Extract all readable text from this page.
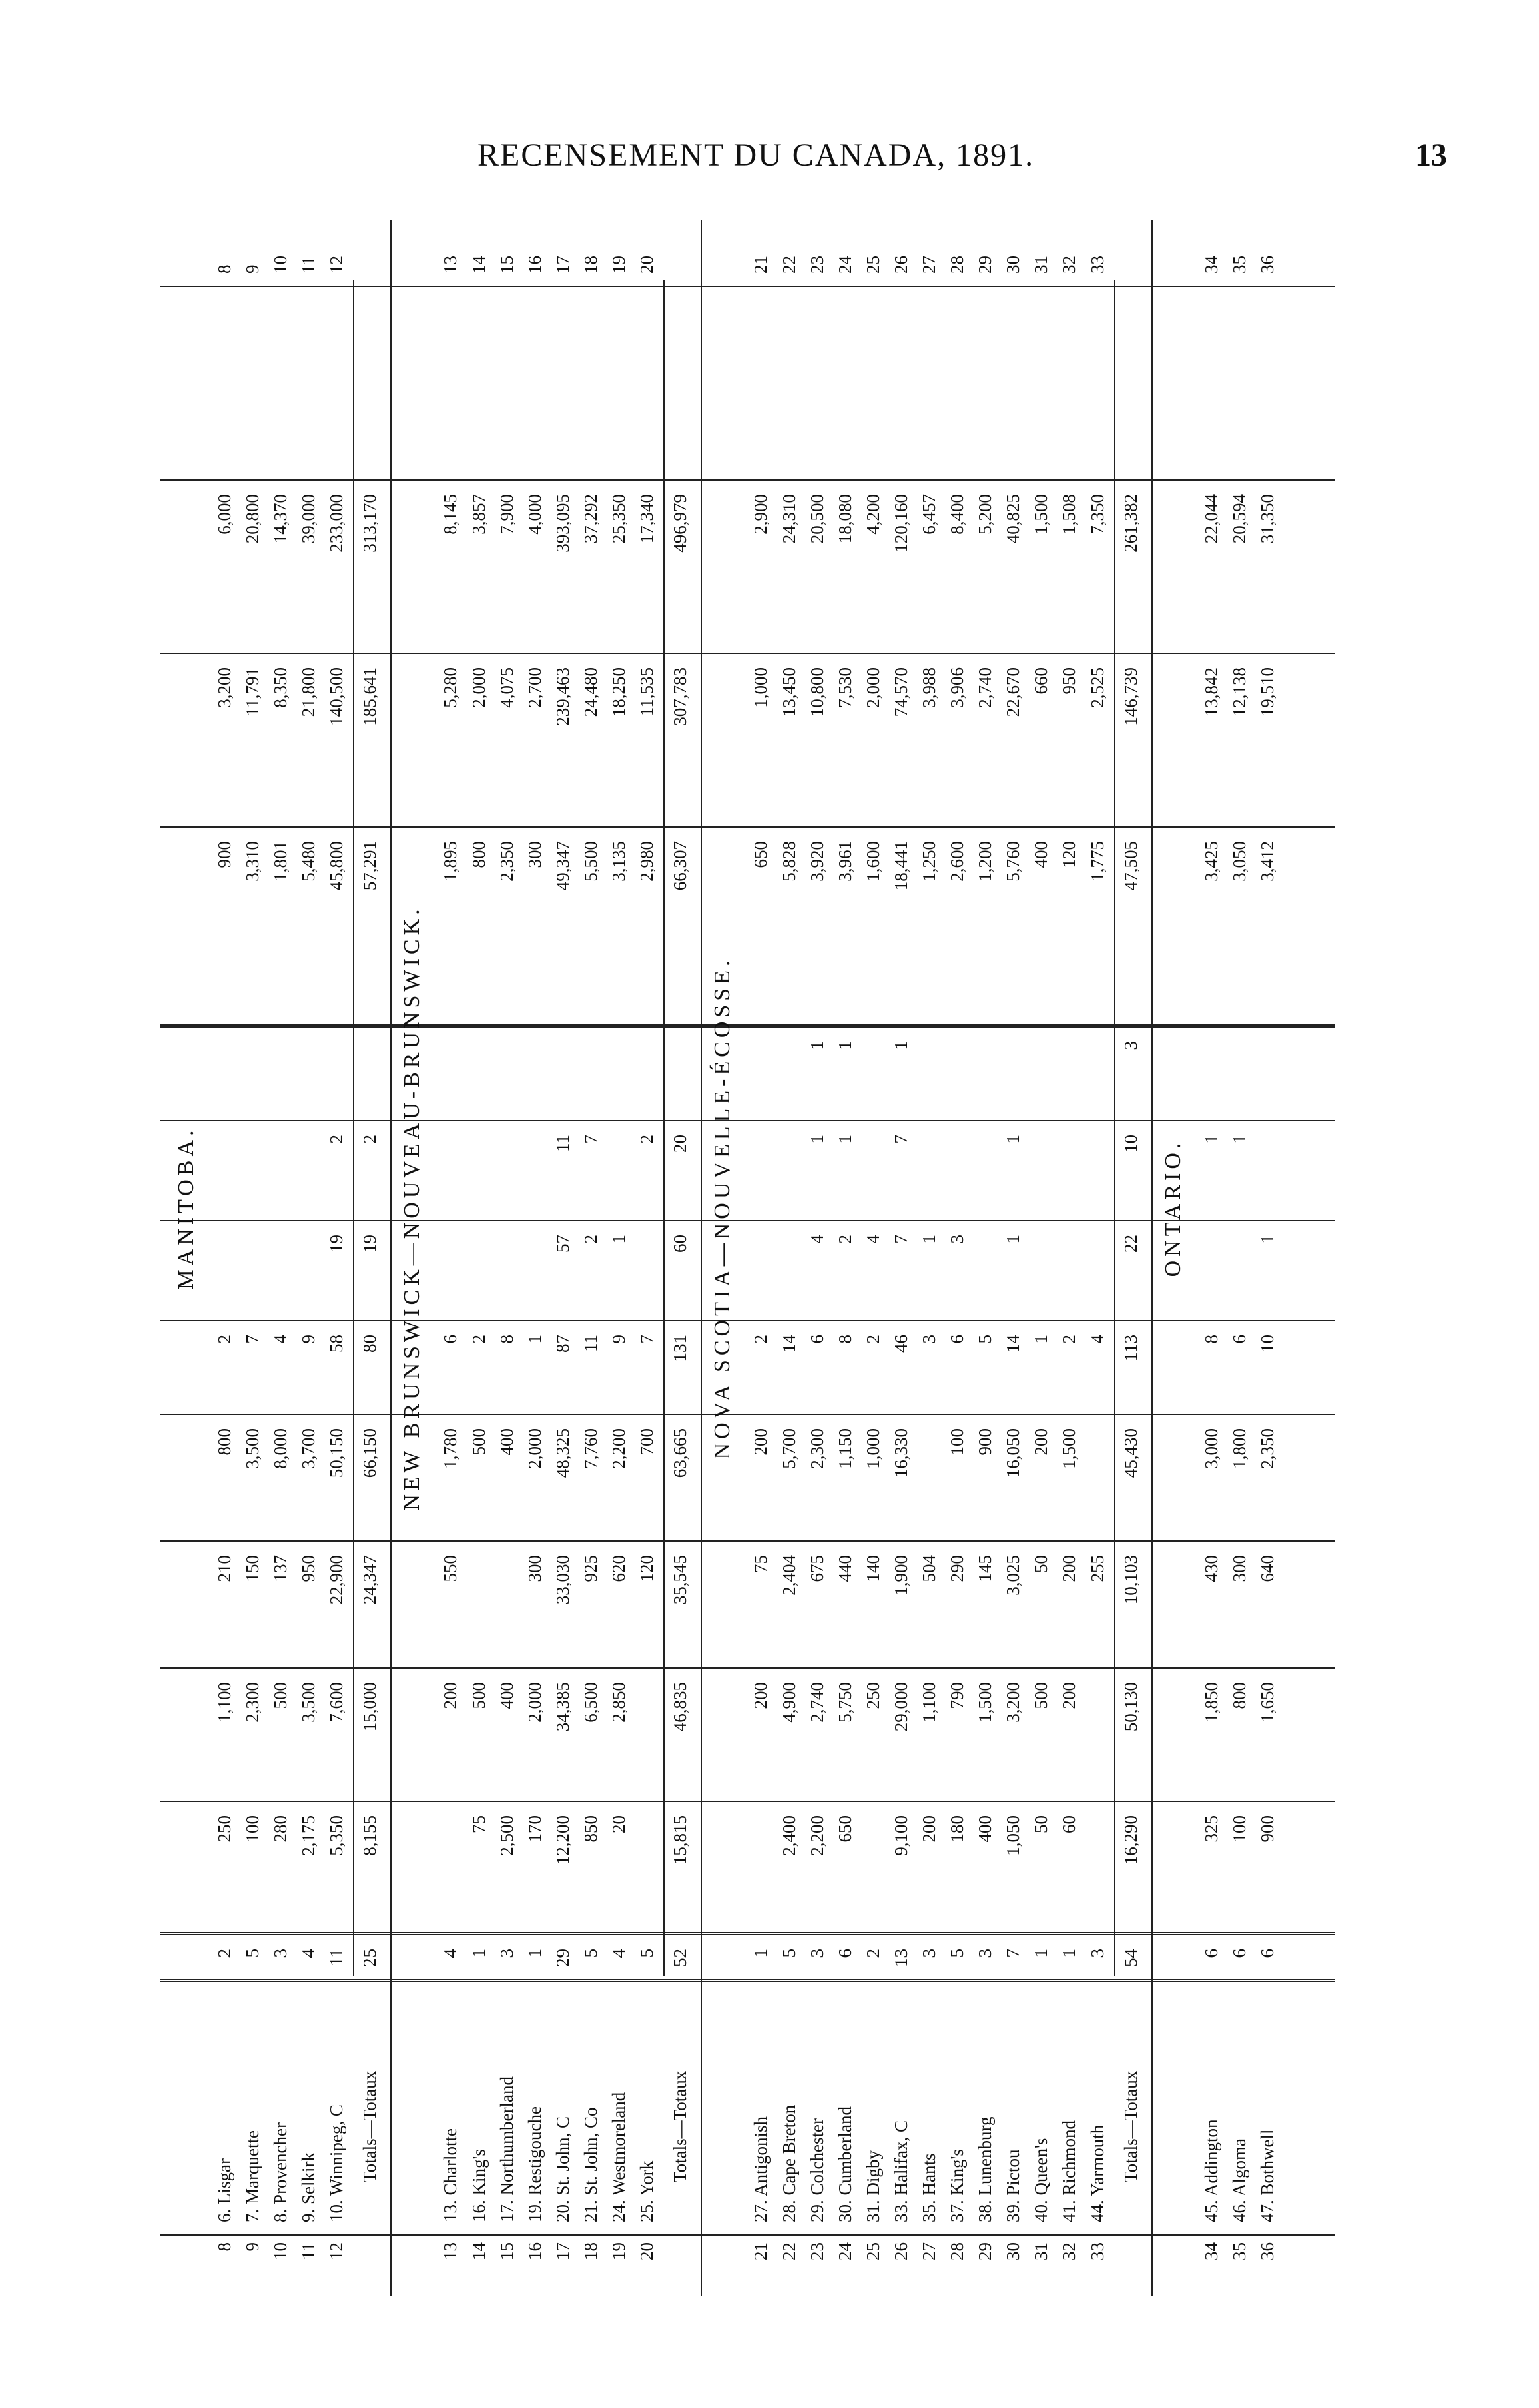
RECENSEMENT DU CANADA, 1891.	13
MANITOBA.
8
6. Lisgar
2
250
1,100
210
800
2
900
3,200
6,000
8
9
7. Marquette
5
100
2,300
150
3,500
7
3,310
11,791
20,800
9
10
8. Provencher
3
280
500
137
8,000
4
1,801
8,350
14,370
10
11
9. Selkirk
4
2,175
3,500
950
3,700
9
5,480
21,800
39,000
11
12
10. Winnipeg, C
11
5,350
7,600
22,900
50,150
58
19
2
45,800
140,500
233,000
12
Totals—Totaux
25
8,155
15,000
24,347
66,150
80
19
2
57,291
185,641
313,170
NEW BRUNSWICK—NOUVEAU-BRUNSWICK.
13
13. Charlotte
4
200
550
1,780
6
1,895
5,280
8,145
13
14
16. King's
1
75
500
500
2
800
2,000
3,857
14
15
17. Northumberland
3
2,500
400
400
8
2,350
4,075
7,900
15
16
19. Restigouche
1
170
2,000
300
2,000
1
300
2,700
4,000
16
17
20. St. John, C
29
12,200
34,385
33,030
48,325
87
57
11
49,347
239,463
393,095
17
18
21. St. John, Co
5
850
6,500
925
7,760
11
2
7
5,500
24,480
37,292
18
19
24. Westmoreland
4
20
2,850
620
2,200
9
1
3,135
18,250
25,350
19
20
25. York
5
120
700
7
2
2,980
11,535
17,340
20
Totals—Totaux
52
15,815
46,835
35,545
63,665
131
60
20
66,307
307,783
496,979
NOVA SCOTIA—NOUVELLE-ÉCOSSE.
21
27. Antigonish
1
200
75
200
2
650
1,000
2,900
21
22
28. Cape Breton
5
2,400
4,900
2,404
5,700
14
5,828
13,450
24,310
22
23
29. Colchester
3
2,200
2,740
675
2,300
6
4
1
1
3,920
10,800
20,500
23
24
30. Cumberland
6
650
5,750
440
1,150
8
2
1
1
3,961
7,530
18,080
24
25
31. Digby
2
250
140
1,000
2
4
1,600
2,000
4,200
25
26
33. Halifax, C
13
9,100
29,000
1,900
16,330
46
7
7
1
18,441
74,570
120,160
26
27
35. Hants
3
200
1,100
504
3
1
1,250
3,988
6,457
27
28
37. King's
5
180
790
290
100
6
3
2,600
3,906
8,400
28
29
38. Lunenburg
3
400
1,500
145
900
5
1,200
2,740
5,200
29
30
39. Pictou
7
1,050
3,200
3,025
16,050
14
1
1
5,760
22,670
40,825
30
31
40. Queen's
1
50
500
50
200
1
400
660
1,500
31
32
41. Richmond
1
60
200
200
1,500
2
120
950
1,508
32
33
44. Yarmouth
3
255
4
1,775
2,525
7,350
33
Totals—Totaux
54
16,290
50,130
10,103
45,430
113
22
10
3
47,505
146,739
261,382
ONTARIO.
34
45. Addington
6
325
1,850
430
3,000
8
1
3,425
13,842
22,044
34
35
46. Algoma
6
100
800
300
1,800
6
1
3,050
12,138
20,594
35
36
47. Bothwell
6
900
1,650
640
2,350
10
1
3,412
19,510
31,350
36
